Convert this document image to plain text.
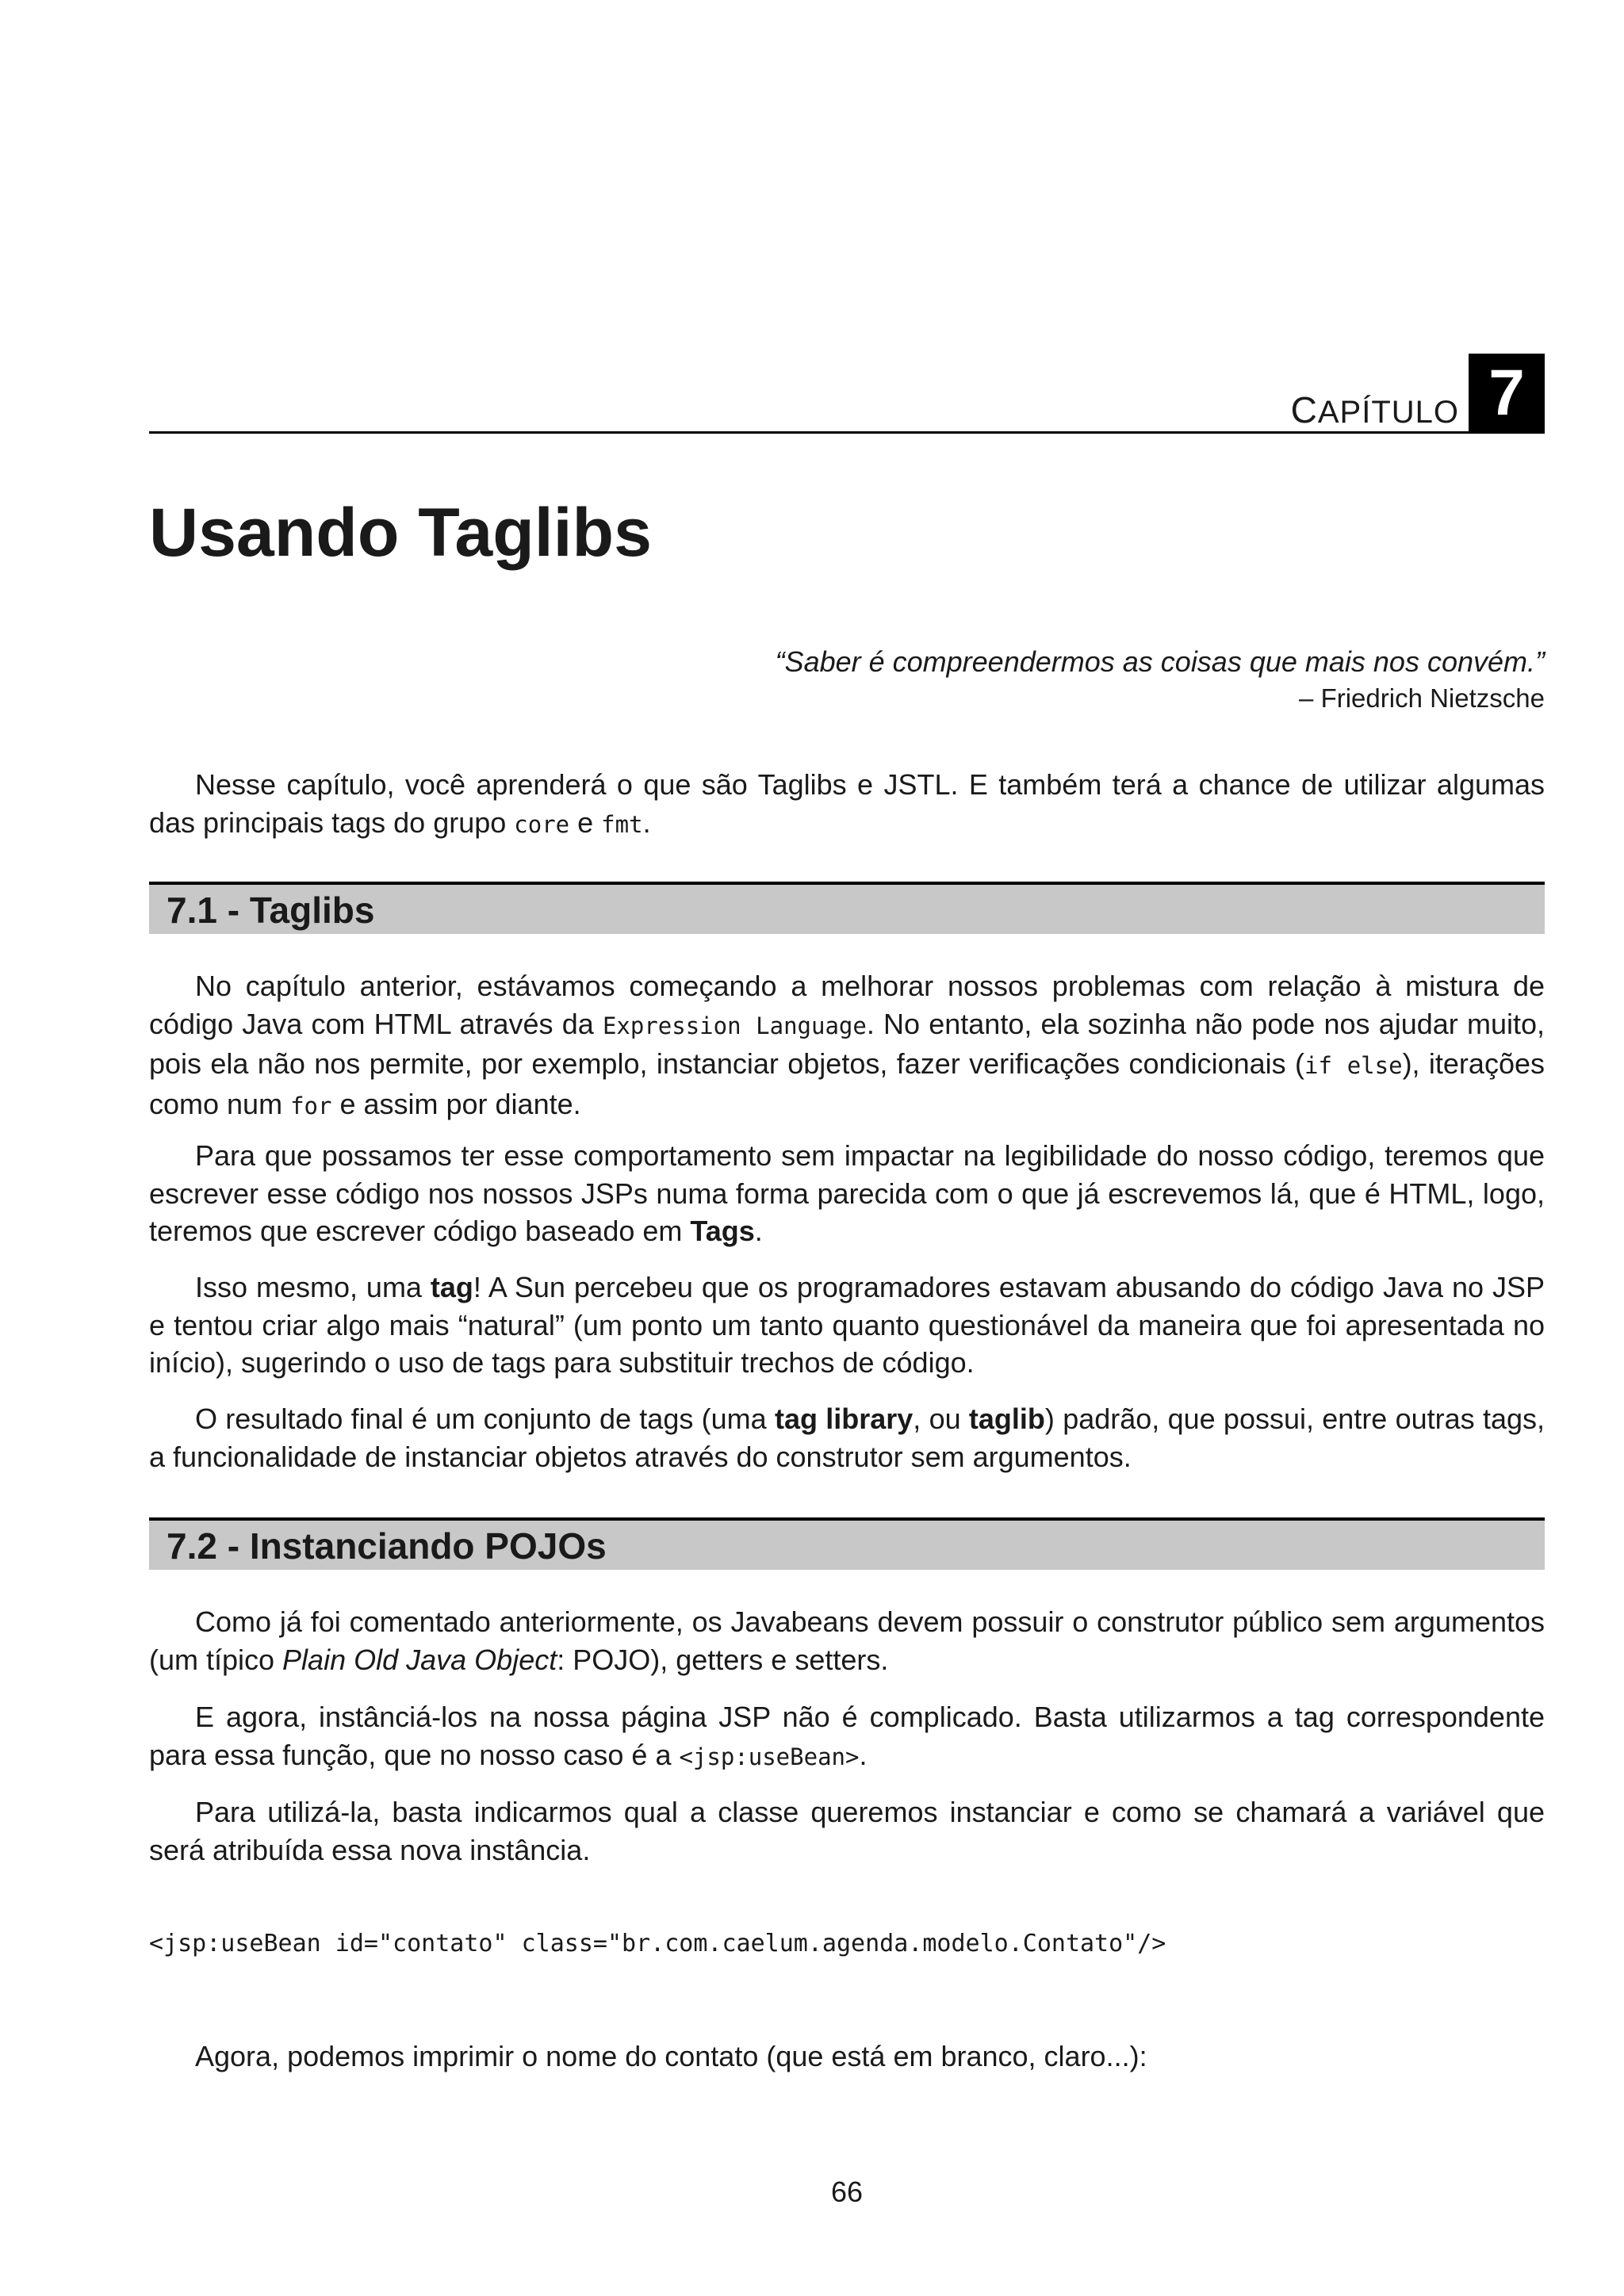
CAPÍTULO 7
Usando Taglibs
“Saber é compreendermos as coisas que mais nos convém.”
– Friedrich Nietzsche

Nesse capítulo, você aprenderá o que são Taglibs e JSTL. E também terá a chance de utilizar algumas das principais tags do grupo core e fmt.

7.1 - Taglibs

No capítulo anterior, estávamos começando a melhorar nossos problemas com relação à mistura de código Java com HTML através da Expression Language. No entanto, ela sozinha não pode nos ajudar muito, pois ela não nos permite, por exemplo, instanciar objetos, fazer verificações condicionais (if else), iterações como num for e assim por diante.

Para que possamos ter esse comportamento sem impactar na legibilidade do nosso código, teremos que escrever esse código nos nossos JSPs numa forma parecida com o que já escrevemos lá, que é HTML, logo, teremos que escrever código baseado em Tags.

Isso mesmo, uma tag! A Sun percebeu que os programadores estavam abusando do código Java no JSP e tentou criar algo mais “natural” (um ponto um tanto quanto questionável da maneira que foi apresentada no início), sugerindo o uso de tags para substituir trechos de código.

O resultado final é um conjunto de tags (uma tag library, ou taglib) padrão, que possui, entre outras tags, a funcionalidade de instanciar objetos através do construtor sem argumentos.

7.2 - Instanciando POJOs

Como já foi comentado anteriormente, os Javabeans devem possuir o construtor público sem argumentos (um típico Plain Old Java Object: POJO), getters e setters.

E agora, instânciá-los na nossa página JSP não é complicado. Basta utilizarmos a tag correspondente para essa função, que no nosso caso é a <jsp:useBean>.

Para utilizá-la, basta indicarmos qual a classe queremos instanciar e como se chamará a variável que será atribuída essa nova instância.

<jsp:useBean id="contato" class="br.com.caelum.agenda.modelo.Contato"/>

Agora, podemos imprimir o nome do contato (que está em branco, claro...):

66
